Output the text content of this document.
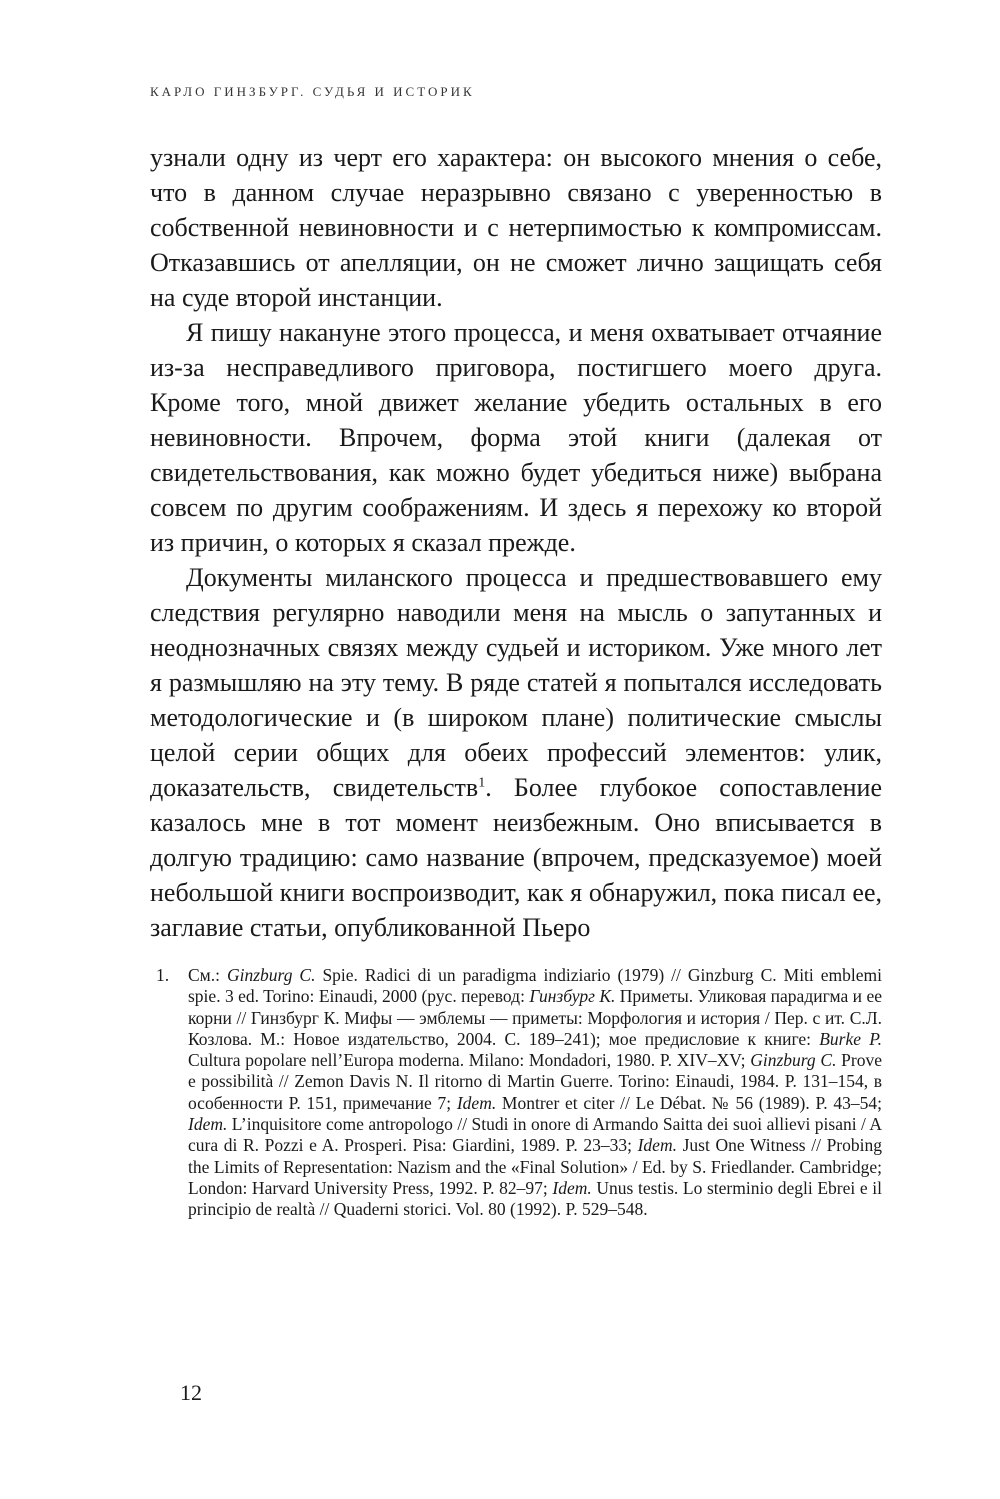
КАРЛО ГИНЗБУРГ. СУДЬЯ И ИСТОРИК

узнали одну из черт его характера: он высокого мнения о себе, что в данном случае неразрывно связано с уверенностью в собственной невиновности и с нетерпимостью к компромиссам. Отказавшись от апелляции, он не сможет лично защищать себя на суде второй инстанции.

Я пишу накануне этого процесса, и меня охватывает отчаяние из-за несправедливого приговора, постигшего моего друга. Кроме того, мной движет желание убедить остальных в его невиновности. Впрочем, форма этой книги (далекая от свидетельствования, как можно будет убедиться ниже) выбрана совсем по другим соображениям. И здесь я перехожу ко второй из причин, о которых я сказал прежде.

Документы миланского процесса и предшествовавшего ему следствия регулярно наводили меня на мысль о запутанных и неоднозначных связях между судьей и историком. Уже много лет я размышляю на эту тему. В ряде статей я попытался исследовать методологические и (в широком плане) политические смыслы целой серии общих для обеих профессий элементов: улик, доказательств, свидетельств$^1$. Более глубокое сопоставление казалось мне в тот момент неизбежным. Оно вписывается в долгую традицию: само название (впрочем, предсказуемое) моей небольшой книги воспроизводит, как я обнаружил, пока писал ее, заглавие статьи, опубликованной Пьеро

1. См.: Ginzburg C. Spie. Radici di un paradigma indiziario (1979) // Ginzburg C. Miti emblemi spie. 3 ed. Torino: Einaudi, 2000 (рус. перевод: Гинзбург К. Приметы. Уликовая парадигма и ее корни // Гинзбург К. Мифы — эмблемы — приметы: Морфология и история / Пер. с ит. С.Л. Козлова. М.: Новое издательство, 2004. С. 189–241); мое предисловие к книге: Burke P. Cultura popolare nell’Europa moderna. Milano: Mondadori, 1980. P. XIV–XV; Ginzburg C. Prove e possibilità // Zemon Davis N. Il ritorno di Martin Guerre. Torino: Einaudi, 1984. P. 131–154, в особенности P. 151, примечание 7; Idem. Montrer et citer // Le Débat. № 56 (1989). P. 43–54; Idem. L’inquisitore come antropologo // Studi in onore di Armando Saitta dei suoi allievi pisani / A cura di R. Pozzi e A. Prosperi. Pisa: Giardini, 1989. P. 23–33; Idem. Just One Witness // Probing the Limits of Representation: Nazism and the «Final Solution» / Ed. by S. Friedlander. Cambridge; London: Harvard University Press, 1992. P. 82–97; Idem. Unus testis. Lo sterminio degli Ebrei e il principio de realtà // Quaderni storici. Vol. 80 (1992). P. 529–548.
12
